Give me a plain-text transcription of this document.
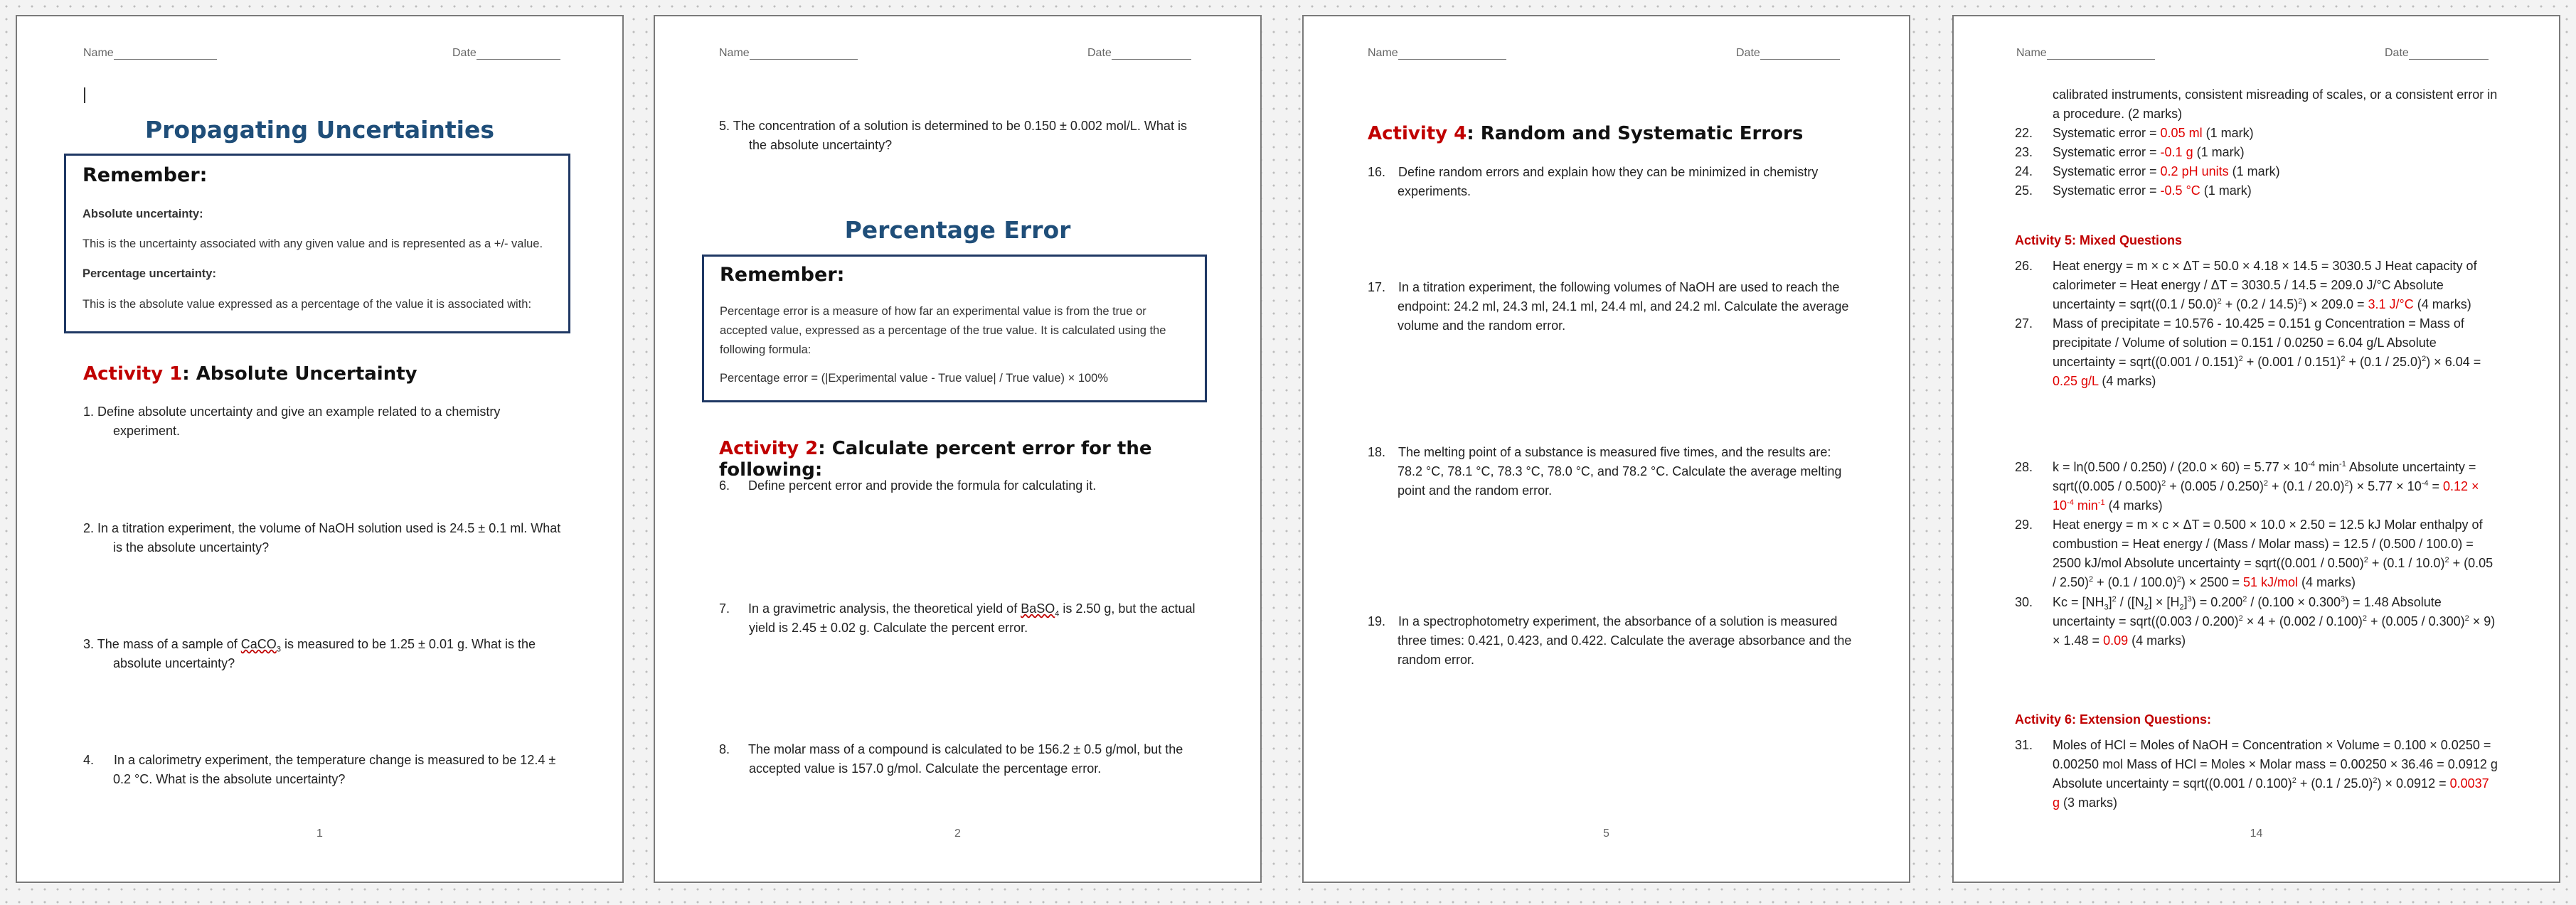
Name	Date
Propagating Uncertainties
Remember:
Absolute uncertainty:
This is the uncertainty associated with any given value and is represented as a +/- value.
Percentage uncertainty:
This is the absolute value expressed as a percentage of the value it is associated with:
Activity 1: Absolute Uncertainty
1. Define absolute uncertainty and give an example related to a chemistry
experiment.
2. In a titration experiment, the volume of NaOH solution used is 24.5 ± 0.1 ml. What
is the absolute uncertainty?
3. The mass of a sample of CaCO$_3$ is measured to be 1.25 ± 0.01 g. What is the
absolute uncertainty?
4. In a calorimetry experiment, the temperature change is measured to be 12.4 ±
0.2 °C. What is the absolute uncertainty?
1
Name	Date
5. The concentration of a solution is determined to be 0.150 ± 0.002 mol/L. What is
the absolute uncertainty?
Percentage Error
Remember:
Percentage error is a measure of how far an experimental value is from the true or
accepted value, expressed as a percentage of the true value. It is calculated using the
following formula:
Percentage error = (|Experimental value - True value| / True value) × 100%
Activity 2: Calculate percent error for the following:
6. Define percent error and provide the formula for calculating it.
7. In a gravimetric analysis, the theoretical yield of BaSO$_4$ is 2.50 g, but the actual
yield is 2.45 ± 0.02 g. Calculate the percent error.
8. The molar mass of a compound is calculated to be 156.2 ± 0.5 g/mol, but the
accepted value is 157.0 g/mol. Calculate the percentage error.
2
Name	Date
Activity 4: Random and Systematic Errors
16. Define random errors and explain how they can be minimized in chemistry
experiments.
17. In a titration experiment, the following volumes of NaOH are used to reach the
endpoint: 24.2 ml, 24.3 ml, 24.1 ml, 24.4 ml, and 24.2 ml. Calculate the average
volume and the random error.
18. The melting point of a substance is measured five times, and the results are:
78.2 °C, 78.1 °C, 78.3 °C, 78.0 °C, and 78.2 °C. Calculate the average melting
point and the random error.
19. In a spectrophotometry experiment, the absorbance of a solution is measured
three times: 0.421, 0.423, and 0.422. Calculate the average absorbance and the
random error.
5
Name	Date
calibrated instruments, consistent misreading of scales, or a consistent error in
a procedure. (2 marks)
22. Systematic error = 0.05 ml (1 mark)
23. Systematic error = -0.1 g (1 mark)
24. Systematic error = 0.2 pH units (1 mark)
25. Systematic error = -0.5 °C (1 mark)
Activity 5: Mixed Questions
26. Heat energy = m × c × ΔT = 50.0 × 4.18 × 14.5 = 3030.5 J Heat capacity of
calorimeter = Heat energy / ΔT = 3030.5 / 14.5 = 209.0 J/°C Absolute
uncertainty = sqrt((0.1 / 50.0)$^2$ + (0.2 / 14.5)$^2$) × 209.0 = 3.1 J/°C (4 marks)
27. Mass of precipitate = 10.576 - 10.425 = 0.151 g Concentration = Mass of
precipitate / Volume of solution = 0.151 / 0.0250 = 6.04 g/L Absolute
uncertainty = sqrt((0.001 / 0.151)$^2$ + (0.001 / 0.151)$^2$ + (0.1 / 25.0)$^2$) × 6.04 =
0.25 g/L (4 marks)
28. $k = \ln(0.500 / 0.250) / (20.0 \times 60) = 5.77 \times 10^{-4}$ $\min^{-1}$ Absolute uncertainty =
sqrt((0.005 / $0.500)^2 + (0.005 / 0.250)^2 + (0.1 / 20.0)^2) \times 5.77 \times 10^{-4} = 0.12$ ×
$10^{-4}$ $\min^{-1} (4$ marks)
29. Heat energy = m × c × ΔT = 0.500 × 10.0 × 2.50 = 12.5 kJ Molar enthalpy of
combustion = Heat energy / (Mass / Molar mass) = 12.5 / (0.500 / 100.0) =
2500 kJ/mol Absolute uncertainty = sqrt((0.001 / 0.500)$^2$ + (0.1 / 10.0)$^2$ + (0.05
/ 2.50)$^2$ + (0.1 / 100.0)$^2$) × 2500 = 51 kJ/mol (4 marks)
30. $Kc = [NH_3]^2 / ([N_2] \times [H_2]^3) = 0.200^2 / (0.100 \times 0.300^3) = 1.48$ Absolute
uncertainty = sqrt((0.003 / 0.200)$^2$ × 4 + (0.002 / 0.100)$^2$ + (0.005 / 0.300)$^2$ × 9)
× 1.48 = 0.09 (4 marks)
Activity 6: Extension Questions:
31. Moles of HCl = Moles of NaOH = Concentration × Volume = 0.100 × 0.0250 =
0.00250 mol Mass of HCl = Moles × Molar mass = 0.00250 × 36.46 = 0.0912 g
Absolute uncertainty = sqrt((0.001 / 0.100)$^2$ + (0.1 / 25.0)$^2$) × 0.0912 = 0.0037
g (3 marks)
14
